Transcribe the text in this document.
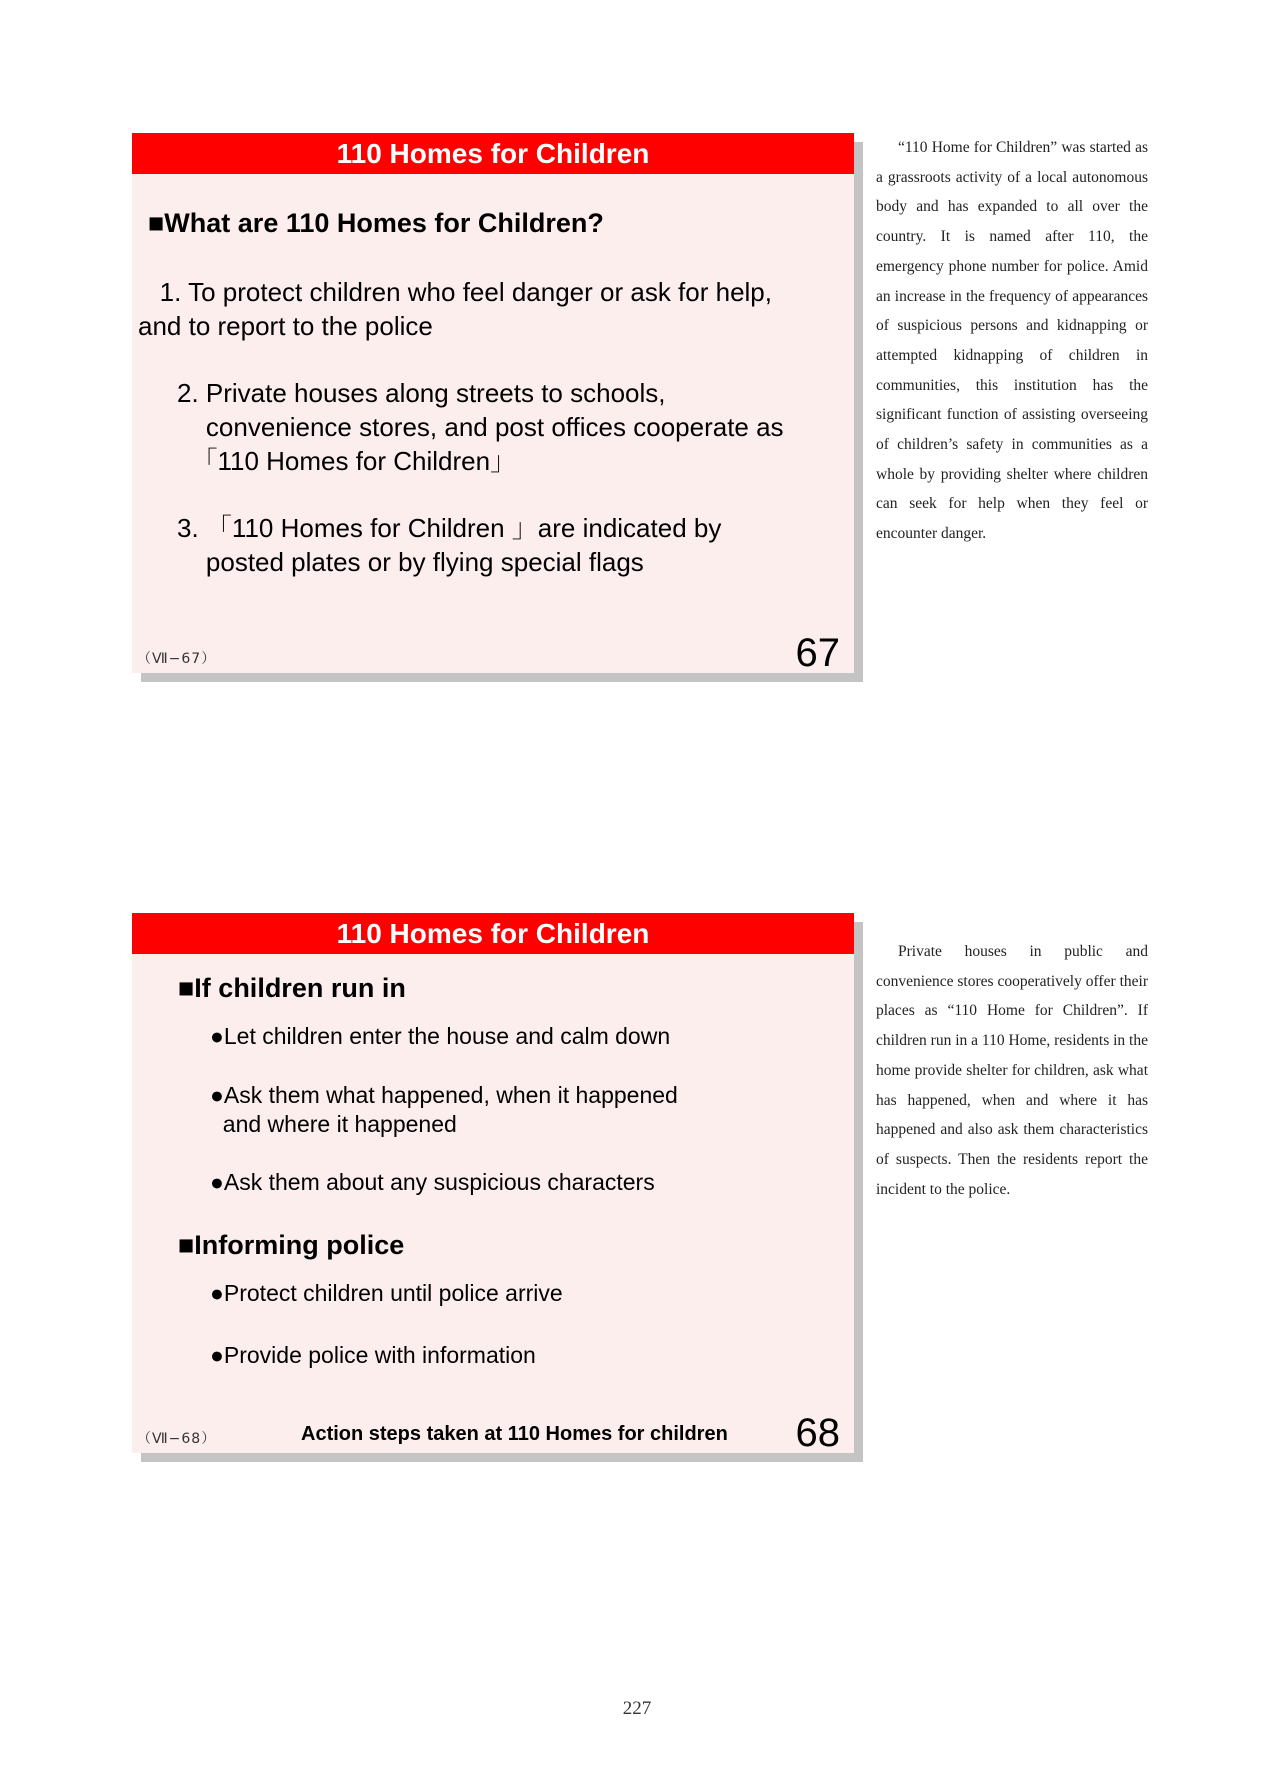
110 Homes for Children
■What are 110 Homes for Children?
1. To protect children who feel danger or ask for help,
and to report to the police
2. Private houses along streets to schools,
convenience stores, and post offices cooperate as
「110 Homes for Children」
3. 「110 Homes for Children 」are indicated by
posted plates or by flying special flags
（Ⅶ−67）	67
110 Homes for Children
■If children run in
●Let children enter the house and calm down
●Ask them what happened, when it happened
and where it happened
●Ask them about any suspicious characters
■Informing police
●Protect children until police arrive
●Provide police with information
（Ⅶ−68）	Action steps taken at 110 Homes for children 68

“110 Home for Children” was started as a grassroots activity of a local autonomous body and has expanded to all over the country. It is named after 110, the emergency phone number for police. Amid an increase in the frequency of appearances of suspicious persons and kidnapping or attempted kidnapping of children in communities, this institution has the significant function of assisting overseeing of children’s safety in communities as a whole by providing shelter where children can seek for help when they feel or encounter danger.

Private houses in public and convenience stores cooperatively offer their places as “110 Home for Children”. If children run in a 110 Home, residents in the home provide shelter for children, ask what has happened, when and where it has happened and also ask them characteristics of suspects. Then the residents report the incident to the police.

227
